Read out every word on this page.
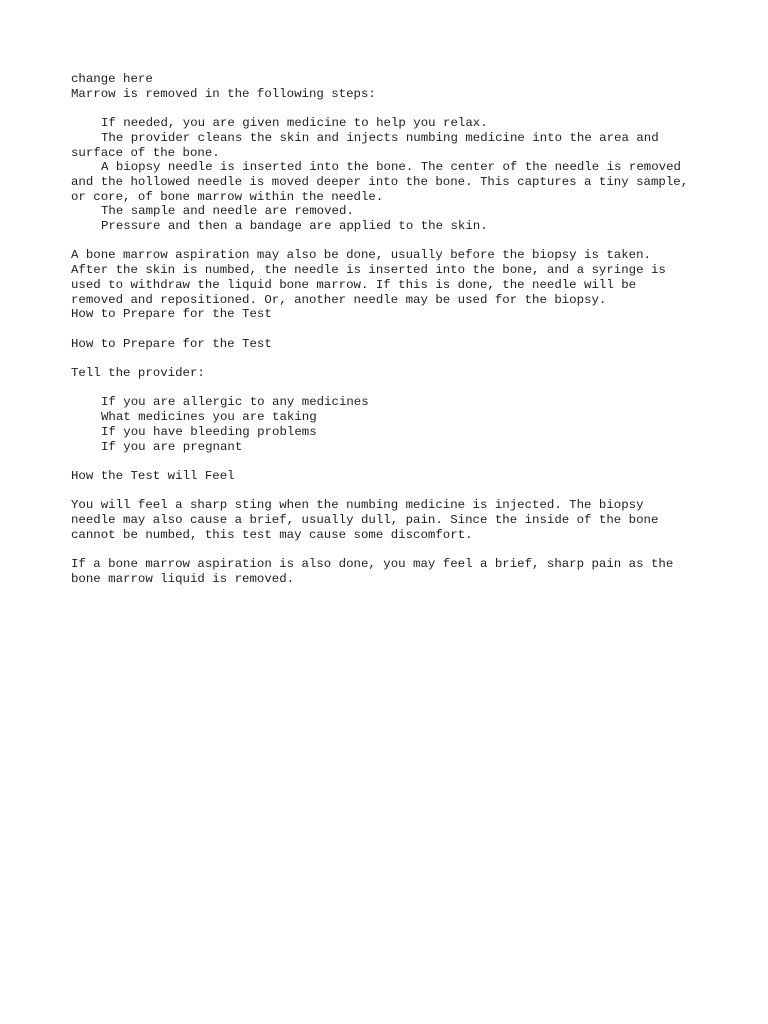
change here
Marrow is removed in the following steps:
If needed, you are given medicine to help you relax.
The provider cleans the skin and injects numbing medicine into the area and
surface of the bone.
A biopsy needle is inserted into the bone. The center of the needle is removed
and the hollowed needle is moved deeper into the bone. This captures a tiny sample,
or core, of bone marrow within the needle.
The sample and needle are removed.
Pressure and then a bandage are applied to the skin.
A bone marrow aspiration may also be done, usually before the biopsy is taken.
After the skin is numbed, the needle is inserted into the bone, and a syringe is
used to withdraw the liquid bone marrow. If this is done, the needle will be
removed and repositioned. Or, another needle may be used for the biopsy.
How to Prepare for the Test
How to Prepare for the Test
Tell the provider:
If you are allergic to any medicines
What medicines you are taking
If you have bleeding problems
If you are pregnant
How the Test will Feel
You will feel a sharp sting when the numbing medicine is injected. The biopsy
needle may also cause a brief, usually dull, pain. Since the inside of the bone
cannot be numbed, this test may cause some discomfort.
If a bone marrow aspiration is also done, you may feel a brief, sharp pain as the
bone marrow liquid is removed.
